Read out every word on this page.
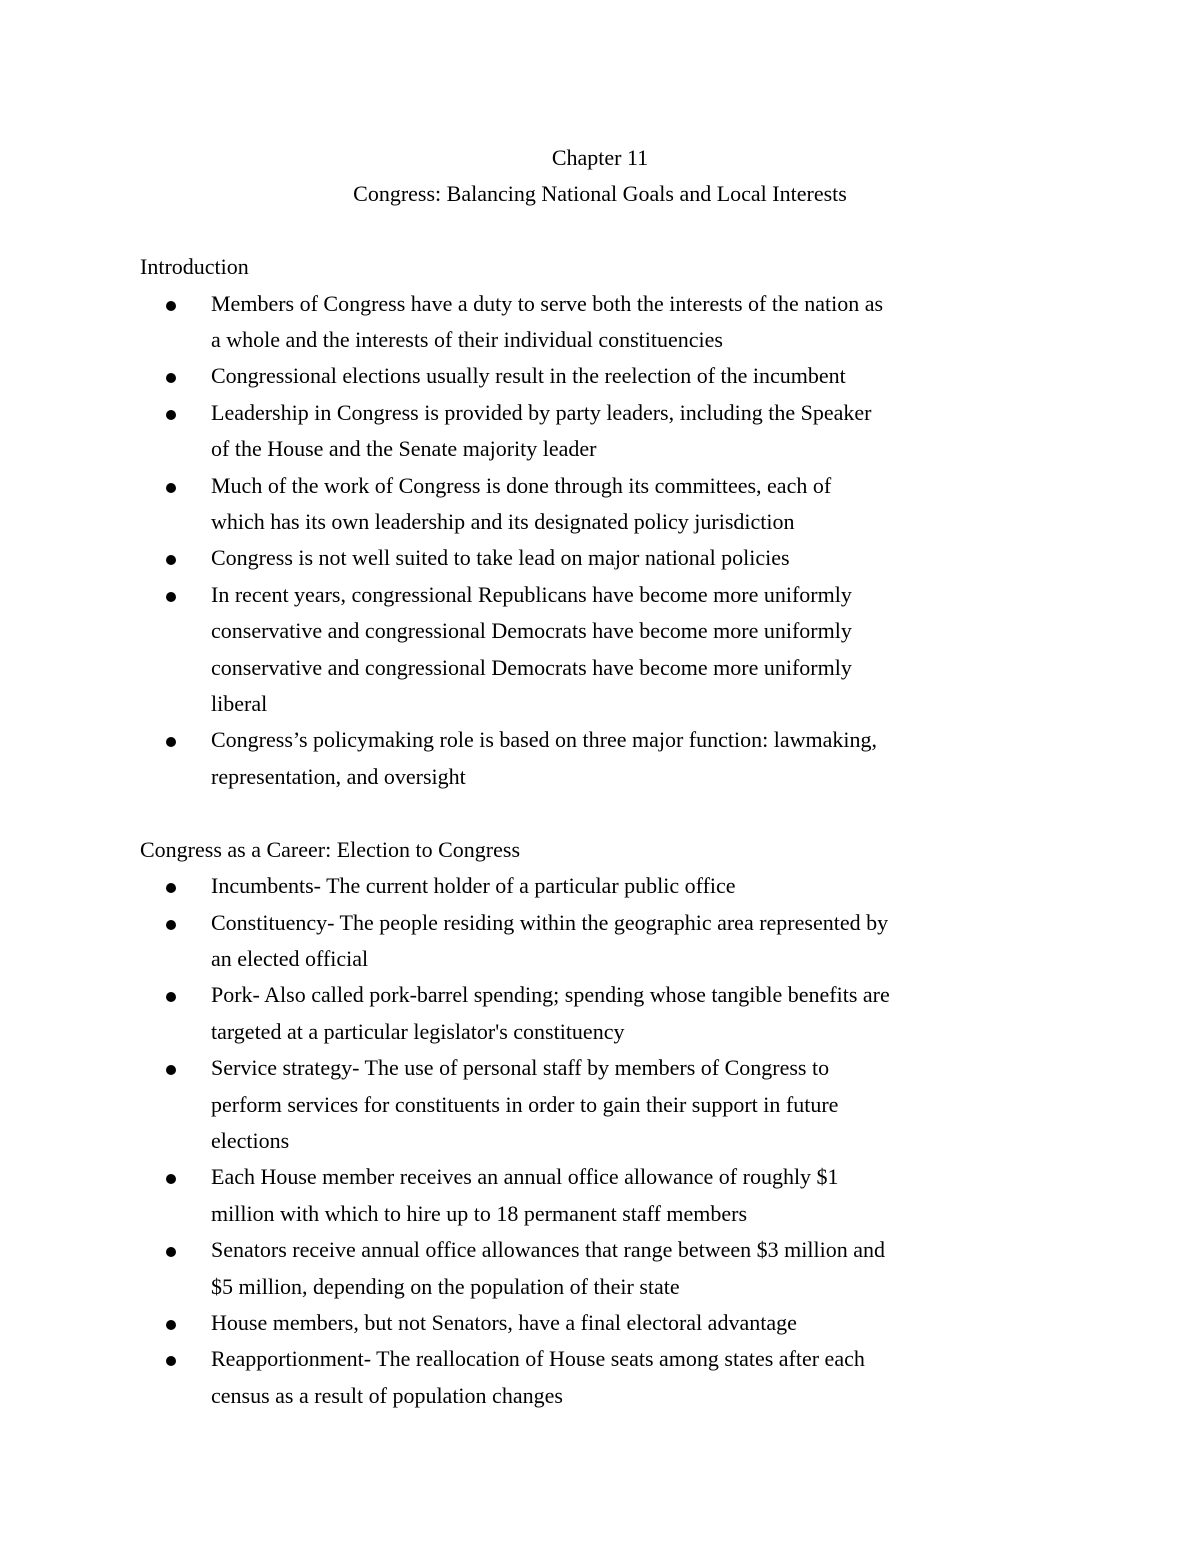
Chapter 11
Congress: Balancing National Goals and Local Interests
Introduction
Members of Congress have a duty to serve both the interests of the nation as
a whole and the interests of their individual constituencies
Congressional elections usually result in the reelection of the incumbent
Leadership in Congress is provided by party leaders, including the Speaker
of the House and the Senate majority leader
Much of the work of Congress is done through its committees, each of
which has its own leadership and its designated policy jurisdiction
Congress is not well suited to take lead on major national policies
In recent years, congressional Republicans have become more uniformly
conservative and congressional Democrats have become more uniformly
conservative and congressional Democrats have become more uniformly
liberal
Congress’s policymaking role is based on three major function: lawmaking,
representation, and oversight
Congress as a Career: Election to Congress
Incumbents- The current holder of a particular public office
Constituency- The people residing within the geographic area represented by
an elected official
Pork- Also called pork-barrel spending; spending whose tangible benefits are
targeted at a particular legislator's constituency
Service strategy- The use of personal staff by members of Congress to
perform services for constituents in order to gain their support in future
elections
Each House member receives an annual office allowance of roughly $1
million with which to hire up to 18 permanent staff members
Senators receive annual office allowances that range between $3 million and
$5 million, depending on the population of their state
House members, but not Senators, have a final electoral advantage
Reapportionment- The reallocation of House seats among states after each
census as a result of population changes
